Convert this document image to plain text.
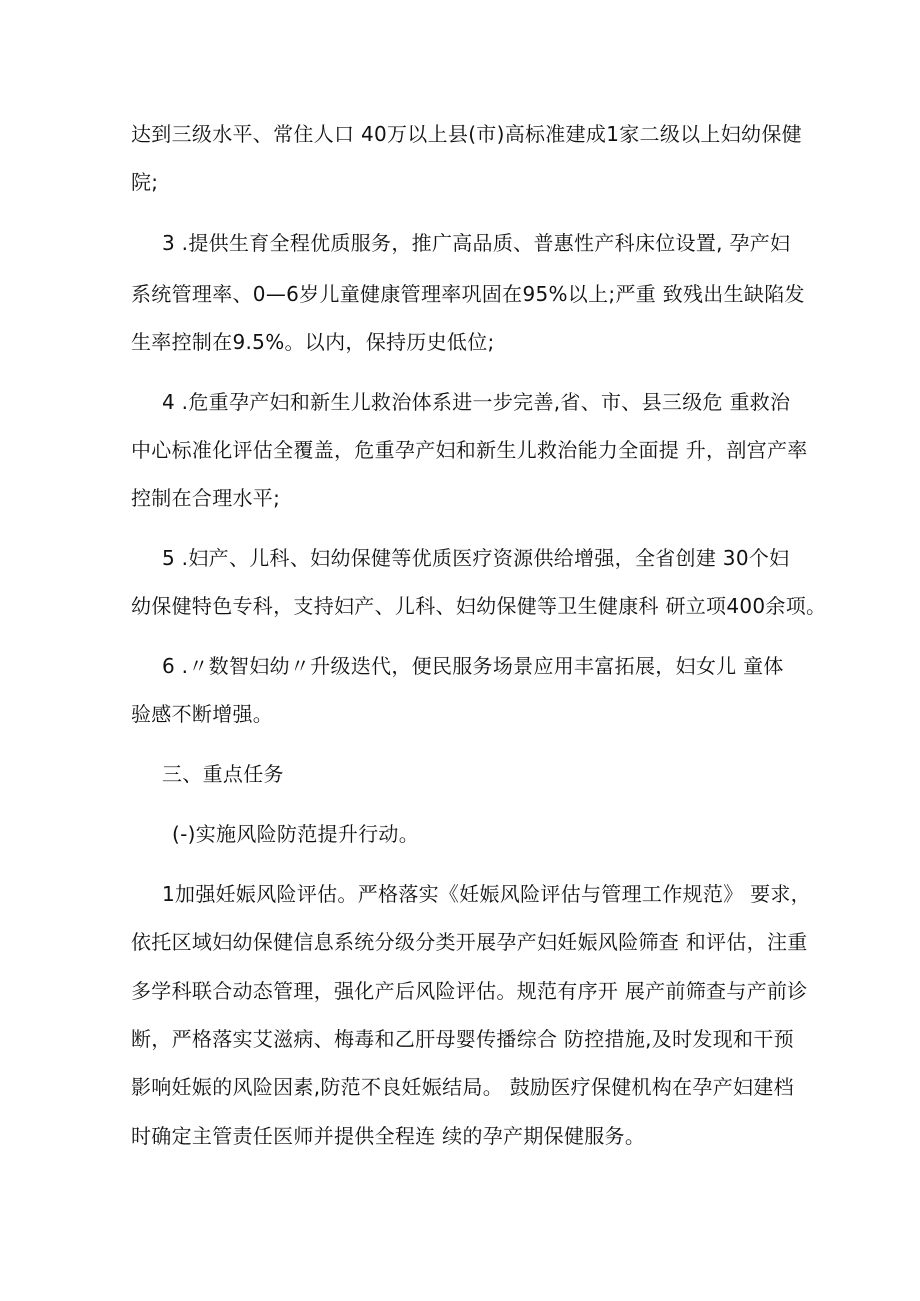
达到三级水平、常住人口 40万以上县(市)高标准建成1家二级以上妇幼保健
院;
3 .提供生育全程优质服务，推广高品质、普惠性产科床位设置, 孕产妇
系统管理率、0—6岁儿童健康管理率巩固在95%以上;严重 致残出生缺陷发
生率控制在9.5%。以内，保持历史低位;
4 .危重孕产妇和新生儿救治体系进一步完善,省、市、县三级危 重救治
中心标准化评估全覆盖，危重孕产妇和新生儿救治能力全面提 升，剖宫产率
控制在合理水平;
5 .妇产、儿科、妇幼保健等优质医疗资源供给增强，全省创建 30个妇
幼保健特色专科，支持妇产、儿科、妇幼保健等卫生健康科 研立项400余项。
6 .〃数智妇幼〃升级迭代，便民服务场景应用丰富拓展，妇女儿 童体
验感不断增强。
三、重点任务
(-)实施风险防范提升行动。
1加强妊娠风险评估。严格落实《妊娠风险评估与管理工作规范》 要求，
依托区域妇幼保健信息系统分级分类开展孕产妇妊娠风险筛查 和评估，注重
多学科联合动态管理，强化产后风险评估。规范有序开 展产前筛查与产前诊
断，严格落实艾滋病、梅毒和乙肝母婴传播综合 防控措施,及时发现和干预
影响妊娠的风险因素,防范不良妊娠结局。 鼓励医疗保健机构在孕产妇建档
时确定主管责任医师并提供全程连 续的孕产期保健服务。
